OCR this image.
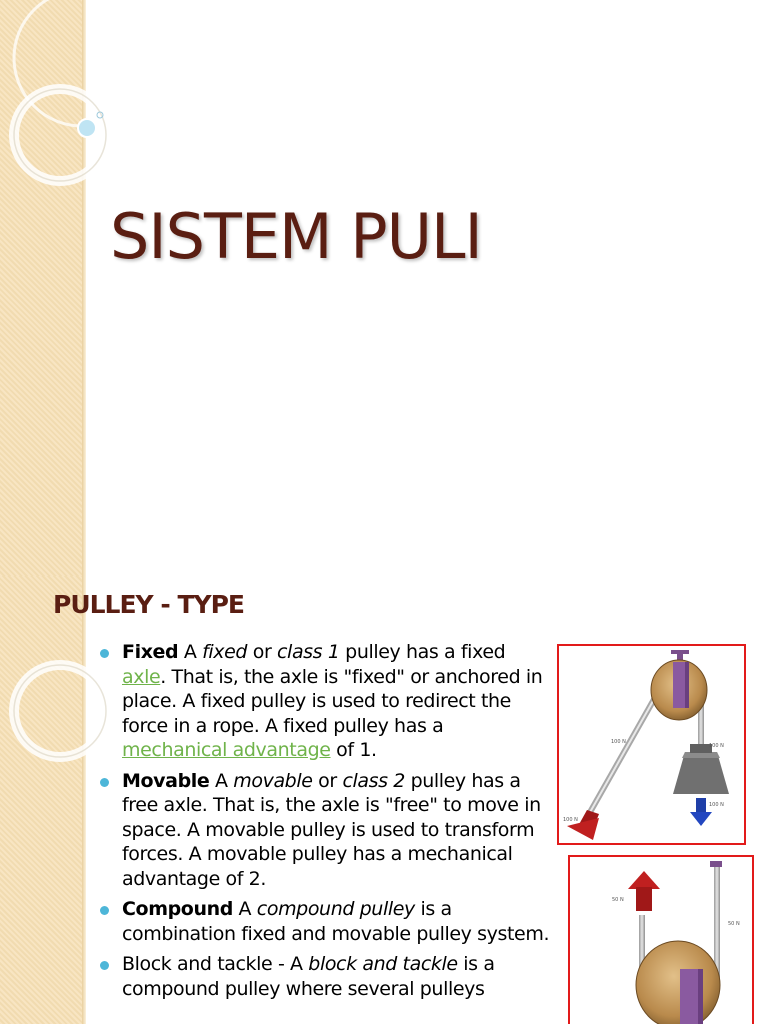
SISTEM PULI
PULLEY - TYPE
Fixed A fixed or class 1 pulley has a fixed axle. That is, the axle is "fixed" or anchored in place. A fixed pulley is used to redirect the force in a rope. A fixed pulley has a mechanical advantage of 1.
Movable A movable or class 2 pulley has a free axle. That is, the axle is "free" to move in space. A movable pulley is used to transform forces. A movable pulley has a mechanical advantage of 2.
Compound A compound pulley is a combination fixed and movable pulley system.
Block and tackle - A block and tackle is a compound pulley where several pulleys
100 N
100 N
100 N
100 N
50 N
50 N
